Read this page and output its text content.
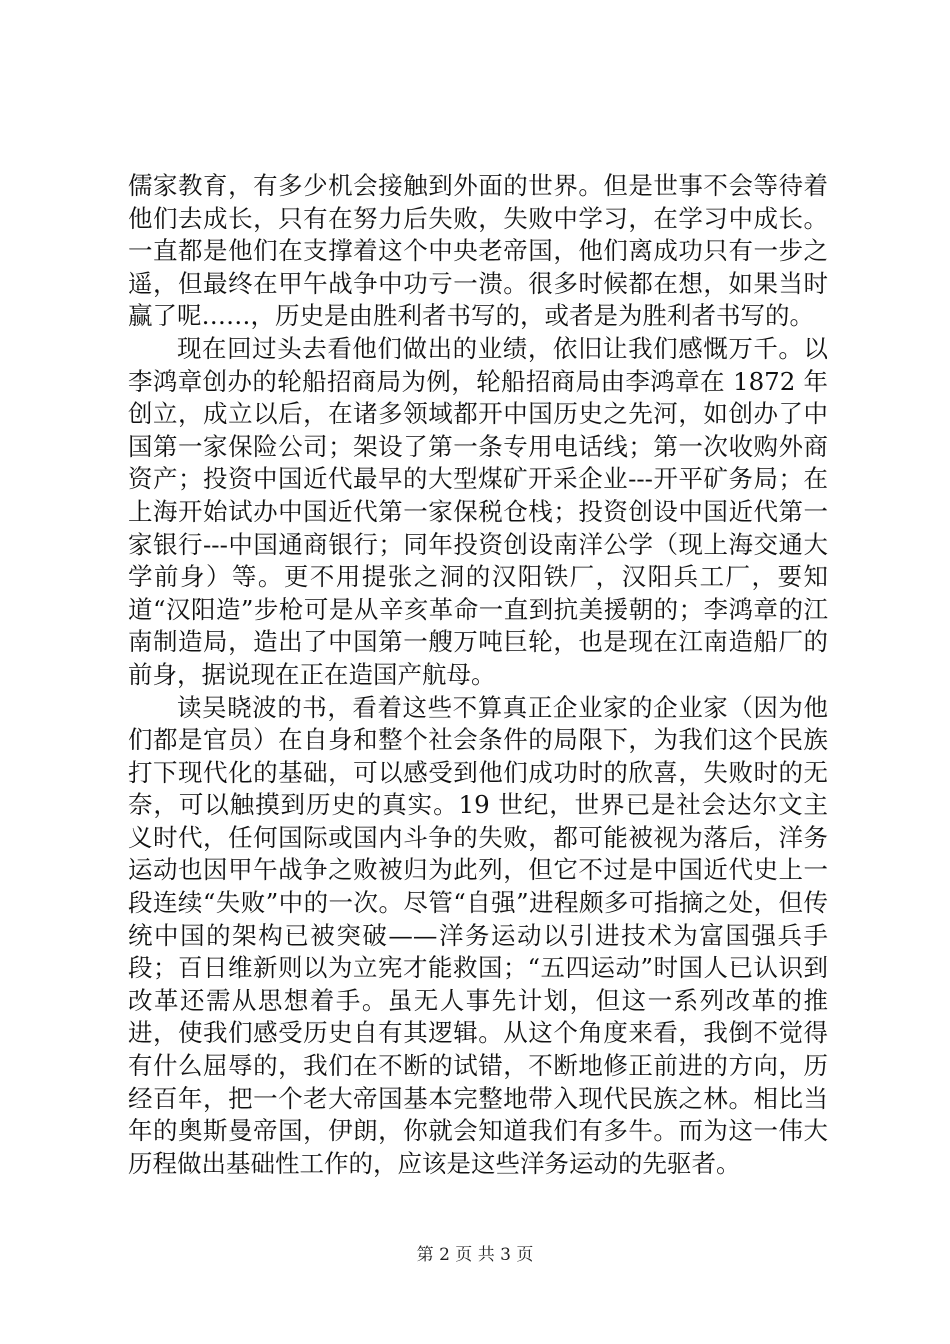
儒家教育，有多少机会接触到外面的世界。但是世事不会等待着他们去成长，只有在努力后失败，失败中学习，在学习中成长。一直都是他们在支撑着这个中央老帝国，他们离成功只有一步之遥，但最终在甲午战争中功亏一溃。很多时候都在想，如果当时赢了呢……，历史是由胜利者书写的，或者是为胜利者书写的。

现在回过头去看他们做出的业绩，依旧让我们感慨万千。以李鸿章创办的轮船招商局为例，轮船招商局由李鸿章在 1872 年创立，成立以后，在诸多领域都开中国历史之先河，如创办了中国第一家保险公司；架设了第一条专用电话线；第一次收购外商资产；投资中国近代最早的大型煤矿开采企业---开平矿务局；在上海开始试办中国近代第一家保税仓栈；投资创设中国近代第一家银行---中国通商银行；同年投资创设南洋公学（现上海交通大学前身）等。更不用提张之洞的汉阳铁厂，汉阳兵工厂，要知道“汉阳造”步枪可是从辛亥革命一直到抗美援朝的；李鸿章的江南制造局，造出了中国第一艘万吨巨轮，也是现在江南造船厂的前身，据说现在正在造国产航母。

读吴晓波的书，看着这些不算真正企业家的企业家（因为他们都是官员）在自身和整个社会条件的局限下，为我们这个民族打下现代化的基础，可以感受到他们成功时的欣喜，失败时的无奈，可以触摸到历史的真实。19 世纪，世界已是社会达尔文主义时代，任何国际或国内斗争的失败，都可能被视为落后，洋务运动也因甲午战争之败被归为此列，但它不过是中国近代史上一段连续“失败”中的一次。尽管“自强”进程颇多可指摘之处，但传统中国的架构已被突破——洋务运动以引进技术为富国强兵手段；百日维新则以为立宪才能救国；“五四运动”时国人已认识到改革还需从思想着手。虽无人事先计划，但这一系列改革的推进，使我们感受历史自有其逻辑。从这个角度来看，我倒不觉得有什么屈辱的，我们在不断的试错，不断地修正前进的方向，历经百年，把一个老大帝国基本完整地带入现代民族之林。相比当年的奥斯曼帝国，伊朗，你就会知道我们有多牛。而为这一伟大历程做出基础性工作的，应该是这些洋务运动的先驱者。

第 2 页 共 3 页
